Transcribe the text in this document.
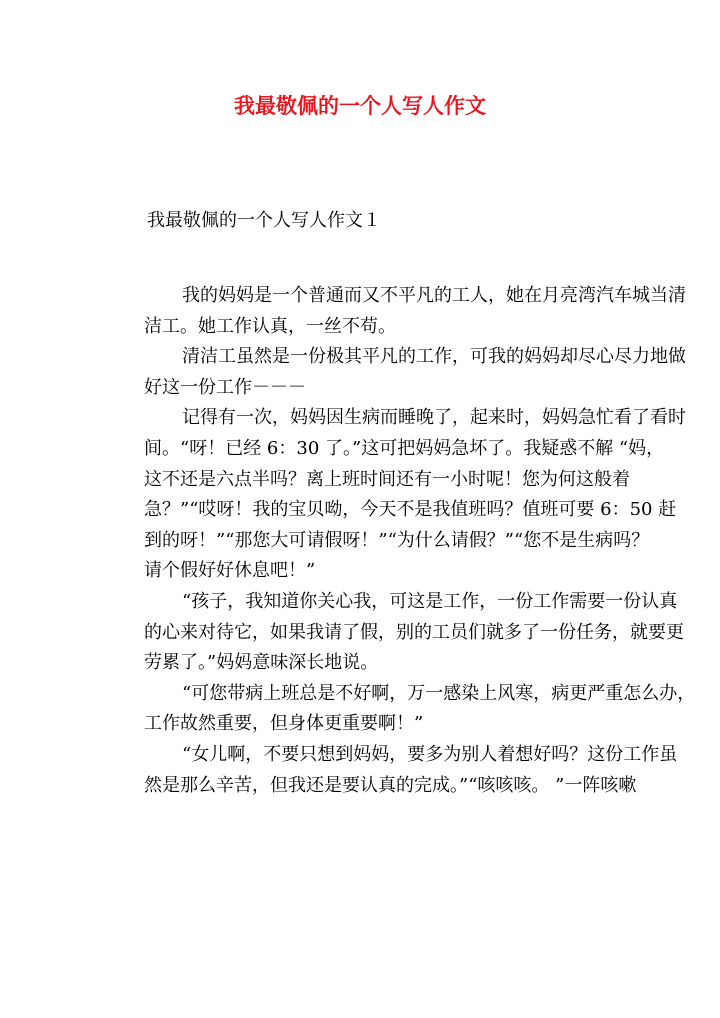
我最敬佩的一个人写人作文
我最敬佩的一个人写人作文１
我的妈妈是一个普通而又不平凡的工人，她在月亮湾汽车城当清
洁工。她工作认真，一丝不苟。
清洁工虽然是一份极其平凡的工作，可我的妈妈却尽心尽力地做
好这一份工作－－－
记得有一次，妈妈因生病而睡晚了，起来时，妈妈急忙看了看时
间。“呀！已经 6：30 了。”这可把妈妈急坏了。我疑惑不解 “妈，
这不还是六点半吗？离上班时间还有一小时呢！您为何这般着
急？”“哎呀！我的宝贝呦，今天不是我值班吗？值班可要 6：50 赶
到的呀！”“那您大可请假呀！”“为什么请假？”“您不是生病吗？
请个假好好休息吧！”
“孩子，我知道你关心我，可这是工作，一份工作需要一份认真
的心来对待它，如果我请了假，别的工员们就多了一份任务，就要更
劳累了。”妈妈意味深长地说。
“可您带病上班总是不好啊，万一感染上风寒，病更严重怎么办，
工作故然重要，但身体更重要啊！”
“女儿啊，不要只想到妈妈，要多为别人着想好吗？这份工作虽
然是那么辛苦，但我还是要认真的完成。”“咳咳咳。 ”一阵咳嗽
